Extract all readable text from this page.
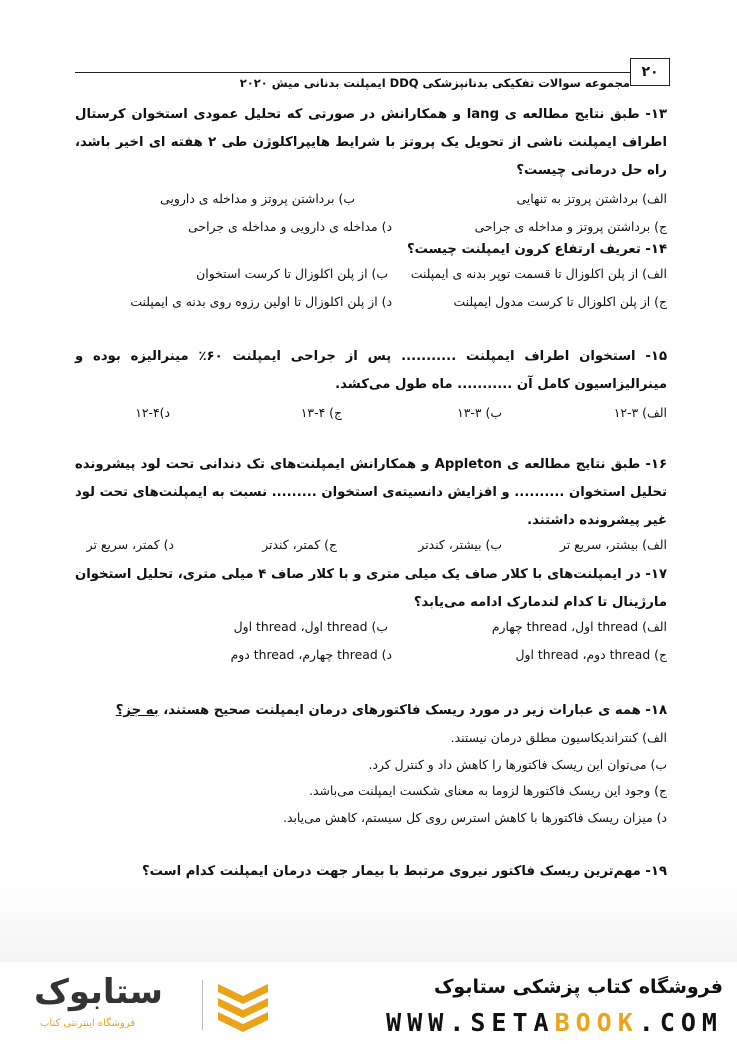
۲۰
مجموعه سوالات تفکیکی بدنانپزشکی DDQ ایمپلنت بدنانی میش ۲۰۲۰
۱۳- طبق نتایج مطالعه ی lang و همکارانش در صورتی که تحلیل عمودی استخوان کرستال اطراف ایمپلنت ناشی از تحویل یک پروتز با شرایط هایپراکلوژن طی ۲ هفته ای اخیر باشد، راه حل درمانی چیست؟
الف) برداشتن پروتز به تنهایی
ب) برداشتن پروتز و مداخله ی دارویی
ج) برداشتن پروتز و مداخله ی جراحی
د) مداخله ی دارویی و مداخله ی جراحی
۱۴- تعریف ارتفاع کرون ایمپلنت چیست؟
الف) از پلن اکلوزال تا قسمت توپر بدنه ی ایمپلنت
ب) از پلن اکلوزال تا کرست استخوان
ج) از پلن اکلوزال تا کرست مدول ایمپلنت
د) از پلن اکلوزال تا اولین رزوه روی بدنه ی ایمپلنت
۱۵- استخوان اطراف ایمپلنت ........... پس از جراحی ایمپلنت ۶۰٪ مینرالیزه بوده و مینرالیزاسیون کامل آن ........... ماه طول می‌کشد.
الف) ۳-۱۲
ب) ۳-۱۳
ج) ۴-۱۳
د)۴-۱۲
۱۶- طبق نتایج مطالعه ی Appleton و همکارانش ایمپلنت‌های تک دندانی تحت لود پیشرونده تحلیل استخوان .......... و افزایش دانسیته‌ی استخوان ......... نسبت به ایمپلنت‌های تحت لود غیر پیشرونده داشتند.
الف) بیشتر، سریع تر
ب) بیشتر، کندتر
ج) کمتر، کندتر
د) کمتر، سریع تر
۱۷- در ایمپلنت‌های با کلار صاف یک میلی متری و با کلار صاف ۴ میلی متری، تحلیل استخوان مارژینال تا کدام لندمارک ادامه می‌یابد؟
الف) thread اول، thread چهارم
ب) thread اول، thread اول
ج) thread دوم، thread اول
د) thread چهارم، thread دوم
۱۸- همه ی عبارات زیر در مورد ریسک فاکتورهای درمان ایمپلنت صحیح هستند، به جز؟
الف) کنتراندیکاسیون مطلق درمان نیستند.
ب) می‌توان این ریسک فاکتورها را کاهش داد و کنترل کرد.
ج) وجود این ریسک فاکتورها لزوما به معنای شکست ایمپلنت می‌باشد.
د) میزان ریسک فاکتورها با کاهش استرس روی کل سیستم، کاهش می‌یابد.
۱۹- مهم‌ترین ریسک فاکتور نیروی مرتبط با بیمار جهت درمان ایمپلنت کدام است؟
فروشگاه کتاب پزشکی ستابوک
WWW.SETABOOK.COM
ستابوک
فروشگاه اینترنتی کتاب
